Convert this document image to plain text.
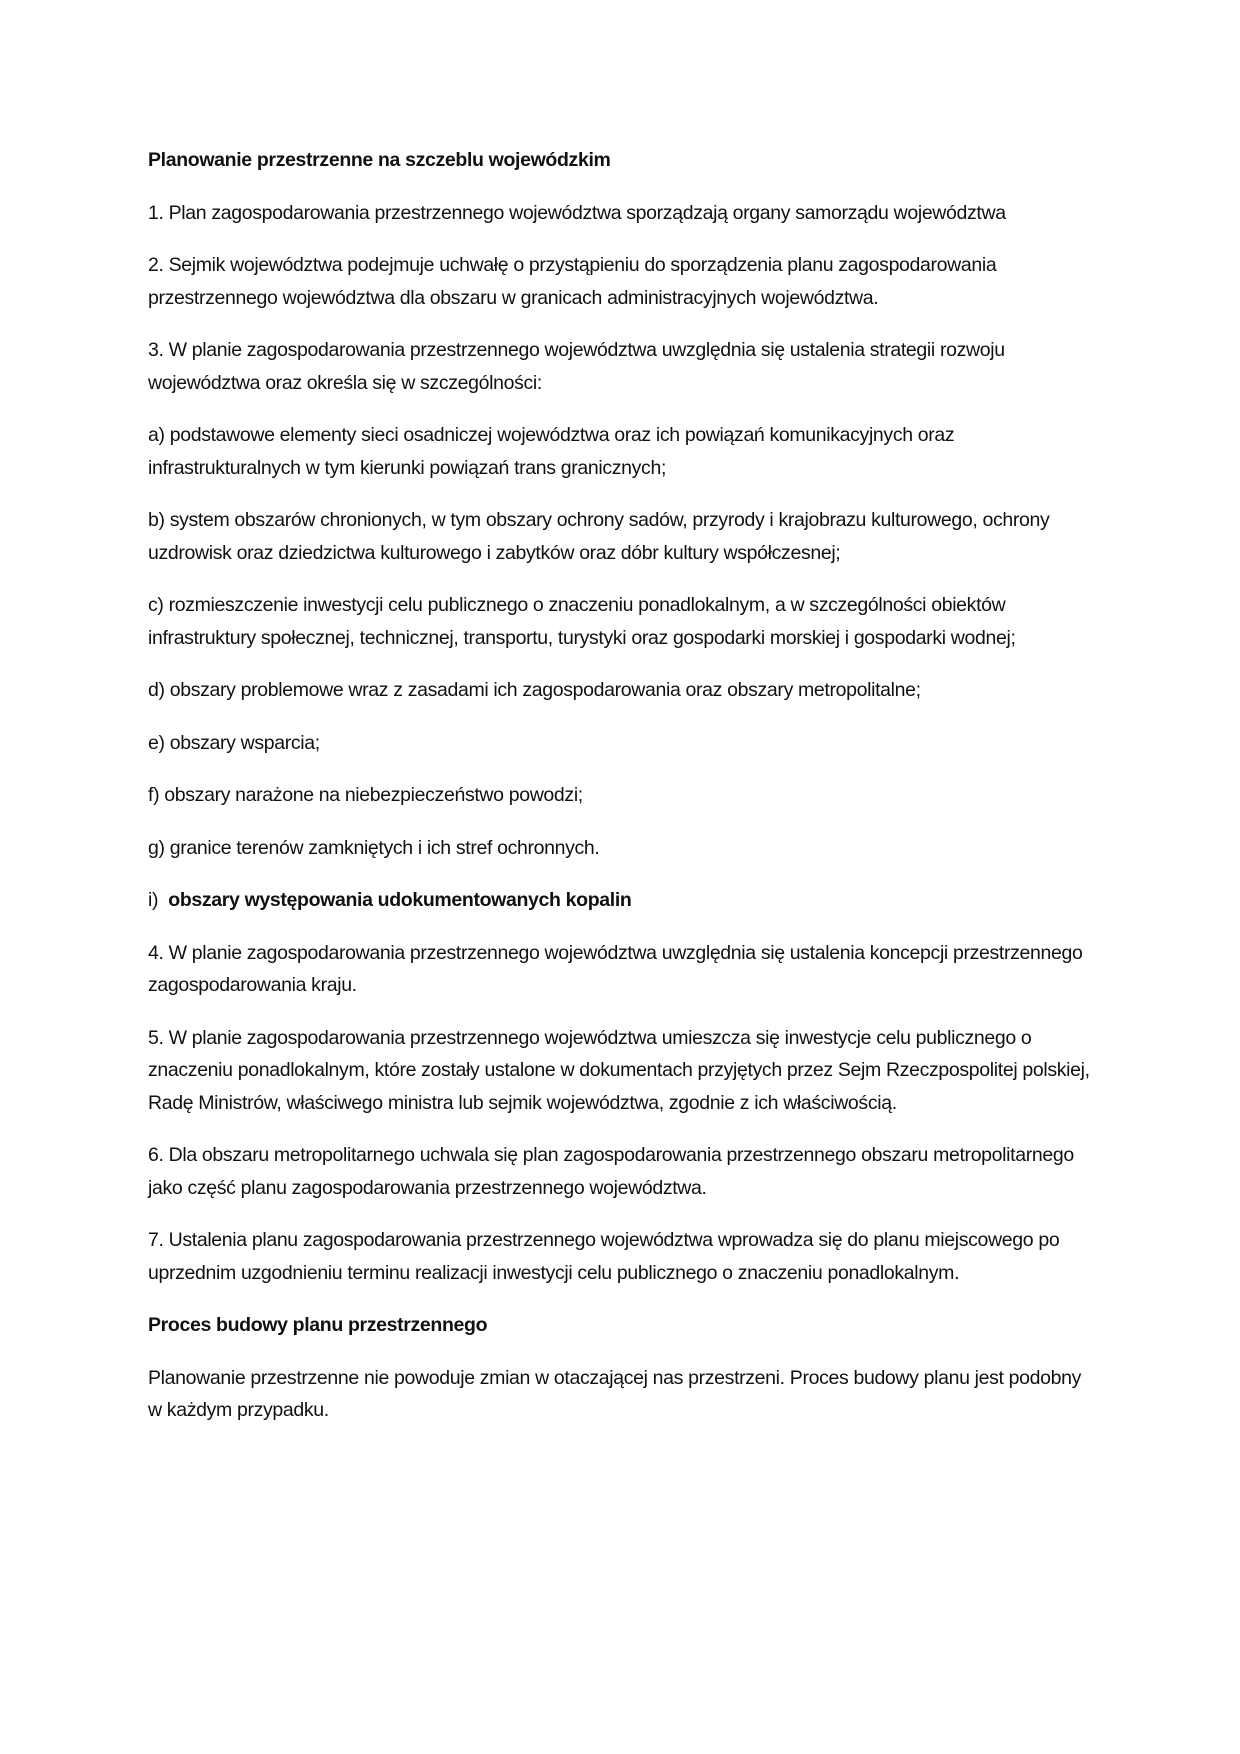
Planowanie przestrzenne na szczeblu wojewódzkim

1. Plan zagospodarowania przestrzennego województwa sporządzają organy samorządu województwa

2. Sejmik województwa podejmuje uchwałę o przystąpieniu do sporządzenia planu zagospodarowania przestrzennego województwa dla obszaru w granicach administracyjnych województwa.

3. W planie zagospodarowania przestrzennego województwa uwzględnia się ustalenia strategii rozwoju województwa oraz określa się w szczególności:

a) podstawowe elementy sieci osadniczej województwa oraz ich powiązań komunikacyjnych oraz infrastrukturalnych w tym kierunki powiązań trans granicznych;

b) system obszarów chronionych, w tym obszary ochrony sadów, przyrody i krajobrazu kulturowego, ochrony uzdrowisk oraz dziedzictwa kulturowego i zabytków oraz dóbr kultury współczesnej;

c) rozmieszczenie inwestycji celu publicznego o znaczeniu ponadlokalnym, a w szczególności obiektów infrastruktury społecznej, technicznej, transportu, turystyki oraz gospodarki morskiej i gospodarki wodnej;

d) obszary problemowe wraz z zasadami ich zagospodarowania oraz obszary metropolitalne;

e) obszary wsparcia;

f) obszary narażone na niebezpieczeństwo powodzi;

g) granice terenów zamkniętych i ich stref ochronnych.

i)  obszary występowania udokumentowanych kopalin

4. W planie zagospodarowania przestrzennego województwa uwzględnia się ustalenia koncepcji przestrzennego zagospodarowania kraju.

5. W planie zagospodarowania przestrzennego województwa umieszcza się inwestycje celu publicznego o znaczeniu ponadlokalnym, które zostały ustalone w dokumentach przyjętych przez Sejm Rzeczpospolitej polskiej, Radę Ministrów, właściwego ministra lub sejmik województwa, zgodnie z ich właściwością.

6. Dla obszaru metropolitarnego uchwala się plan zagospodarowania przestrzennego obszaru metropolitarnego jako część planu zagospodarowania przestrzennego województwa.

7. Ustalenia planu zagospodarowania przestrzennego województwa wprowadza się do planu miejscowego po uprzednim uzgodnieniu terminu realizacji inwestycji celu publicznego o znaczeniu ponadlokalnym.

Proces budowy planu przestrzennego

Planowanie przestrzenne nie powoduje zmian w otaczającej nas przestrzeni. Proces budowy planu jest podobny w każdym przypadku.
